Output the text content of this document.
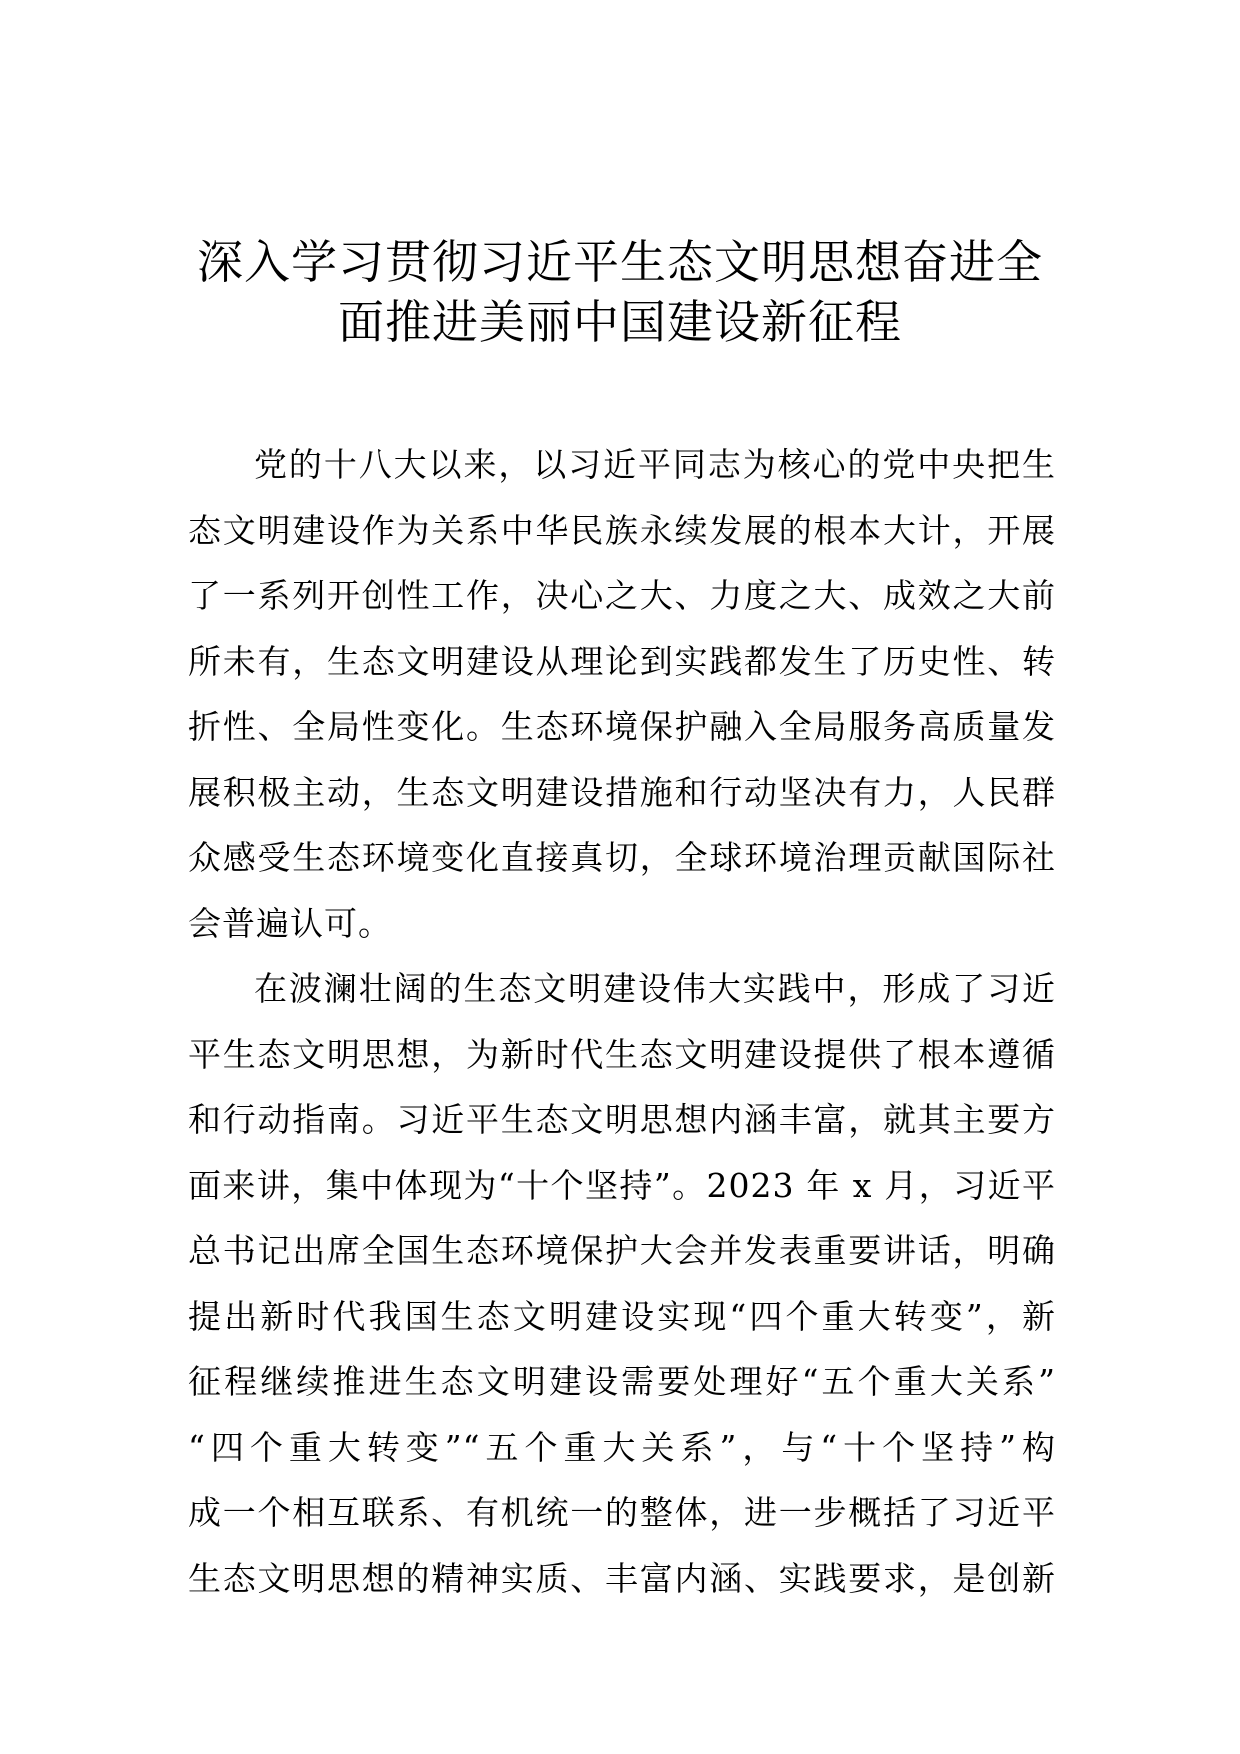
深入学习贯彻习近平生态文明思想奋进全
面推进美丽中国建设新征程
党的十八大以来，以习近平同志为核心的党中央把生
态文明建设作为关系中华民族永续发展的根本大计，开展
了一系列开创性工作，决心之大、力度之大、成效之大前
所未有，生态文明建设从理论到实践都发生了历史性、转
折性、全局性变化。生态环境保护融入全局服务高质量发
展积极主动，生态文明建设措施和行动坚决有力，人民群
众感受生态环境变化直接真切，全球环境治理贡献国际社
会普遍认可。
在波澜壮阔的生态文明建设伟大实践中，形成了习近
平生态文明思想，为新时代生态文明建设提供了根本遵循
和行动指南。习近平生态文明思想内涵丰富，就其主要方
面来讲，集中体现为“十个坚持”。2023 年 x 月，习近平
总书记出席全国生态环境保护大会并发表重要讲话，明确
提出新时代我国生态文明建设实现“四个重大转变”，新
征程继续推进生态文明建设需要处理好“五个重大关系”
“四个重大转变”“五个重大关系”，与“十个坚持”构
成一个相互联系、有机统一的整体，进一步概括了习近平
生态文明思想的精神实质、丰富内涵、实践要求，是创新
